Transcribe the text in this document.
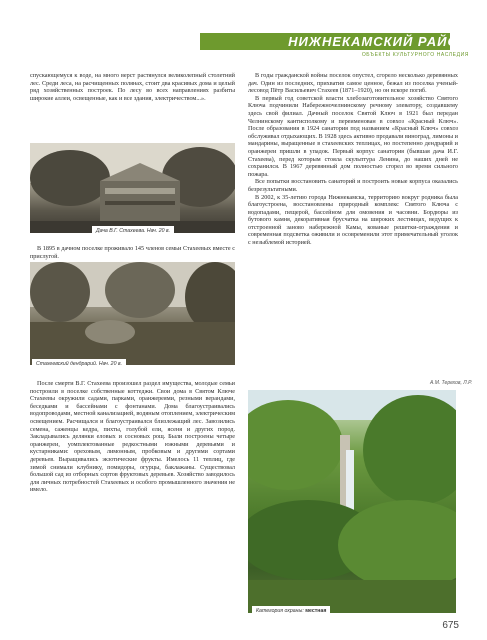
НИЖНЕКАМСКИЙ РАЙОН
ОБЪЕКТЫ КУЛЬТУРНОГО НАСЛЕДИЯ

спускающемуся к воде, на много верст растянулся великолепный столетний лес. Среди леса, на расчищенных полянах, стоит два красивых дома и целый ряд хозяйственных построек. По лесу во всех направлениях разбиты широкие аллеи, освещенные, как и все здания, электричеством...».

Дача В.Г. Стахеева. Нач. 20 в.

В 1895 в дачном поселке проживало 145 членов семьи Стахеевых вместе с прислугой.

Стахеевский дендрарий. Нач. 20 в.

После смерти В.Г. Стахеева произошел раздел имущества, молодые семьи построили в поселке собственные коттеджи. Свои дома в Святом Ключе Стахеевы окружили садами, парками, оранжереями, резными верандами, беседками и бассейнами с фонтанами. Дома благоустраивались водопроводами, местной канализацией, водяным отоплением, электрическим освещением. Расчищался и благоустраивался близлежащий лес. Завозились семена, саженцы кедра, пихты, голубой ели, ясеня и других пород. Закладывались делянки еловых и сосновых рощ. Были построены четыре оранжереи, уомплектованные редкостными южными деревьями и кустарниками: ореховым, лимонным, пробковым и другими сортами деревьев. Выращивались экзотические фрукты. Имелось 11 теплиц, где зимой снимали клубнику, помидоры, огурцы, баклажаны. Существовал большой сад из отборных сортов фруктовых деревьев. Хозяйство заводилось для личных потребностей Стахеевых и особого промышленного значения не имело.

В годы гражданской войны поселок опустел, сгорело несколько деревянных дач. Один из последних, прихватив самое ценное, бежал из поселка ученый-лесовод Пётр Васильевич Стахеев (1871–1920), но он вскоре погиб.

В первый год советской власти хлебозаготовительное хозяйство Святого Ключа подчинили Набережночелнинскому речному элеватору, создавшему здесь свой филиал. Дачный поселок Святой Ключ в 1921 был передан Челнинскому кантисполкому и переименован в совхоз «Красный Ключ». После образования в 1924 санатория под названием «Красный Ключ» совхоз обслуживал отдыхающих. В 1928 здесь активно продавали виноград, лимоны и мандарины, выращенные в стахеевских теплицах, но постепенно дендрарий и оранжереи пришли в упадок. Первый корпус санатория (бывшая дача И.Г. Стахеева), перед которым стояла скульптура Ленина, до наших дней не сохранился. В 1967 деревянный дом полностью сгорел во время сильного пожара.

Все попытки восстановить санаторий и построить новые корпуса оказались безрезультатными.

В 2002, к 35-летию города Нижнекамска, территорию вокруг родника была благоустроена, восстановлены природный комплекс Святого Ключа с водопадами, пещерой, бассейном для омовения и часовни. Бордюры из бутового камня, декоративная брусчатка на широких лестницах, ведущих к отстроенной заново набережной Камы, кованые решетки-ограждения и современная подсветка оживили и осовременили этот примечательный уголок с незыблемой историей.

А.М. Терехов, Л.Р.
Категория охраны: местная
675
